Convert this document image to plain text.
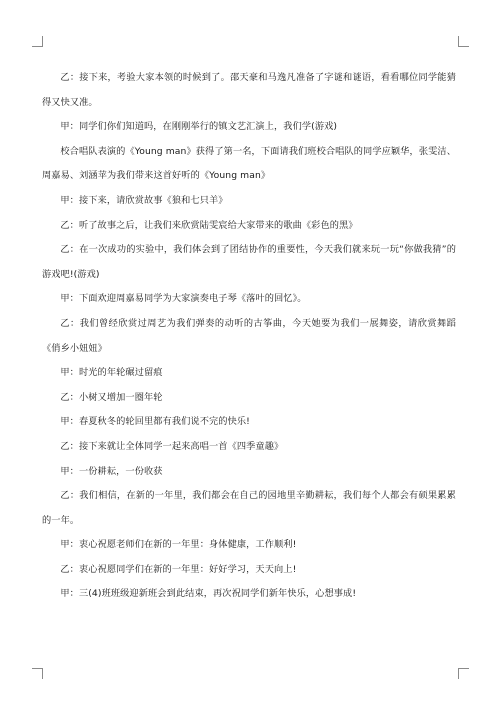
乙：接下来，考验大家本领的时候到了。邵天豪和马逸凡准备了字谜和谜语，看看哪位同学能猜得又快又准。

甲：同学们你们知道吗，在刚刚举行的镇文艺汇演上，我们学(游戏)

校合唱队表演的《Young man》获得了第一名，下面请我们班校合唱队的同学应颖华，张雯洁、周嘉易、刘涵苹为我们带来这首好听的《Young man》

甲：接下来，请欣赏故事《狼和七只羊》

乙：听了故事之后，让我们来欣赏陆雯宸给大家带来的歌曲《彩色的黑》

乙：在一次成功的实验中，我们体会到了团结协作的重要性，今天我们就来玩一玩“你做我猜”的游戏吧!(游戏)

甲：下面欢迎周嘉易同学为大家演奏电子琴《落叶的回忆》。

乙：我们曾经欣赏过周艺为我们弹奏的动听的古筝曲，今天她要为我们一展舞姿，请欣赏舞蹈《俏乡小妞妞》

甲：时光的年轮碾过留痕

乙：小树又增加一圈年轮

甲：春夏秋冬的轮回里都有我们说不完的快乐!

乙：接下来就让全体同学一起来高唱一首《四季童趣》

甲：一份耕耘，一份收获

乙：我们相信，在新的一年里，我们都会在自己的园地里辛勤耕耘，我们每个人都会有硕果累累的一年。

甲：衷心祝愿老师们在新的一年里：身体健康，工作顺利!

乙：衷心祝愿同学们在新的一年里：好好学习，天天向上!

甲：三(4)班班级迎新班会到此结束，再次祝同学们新年快乐，心想事成!
